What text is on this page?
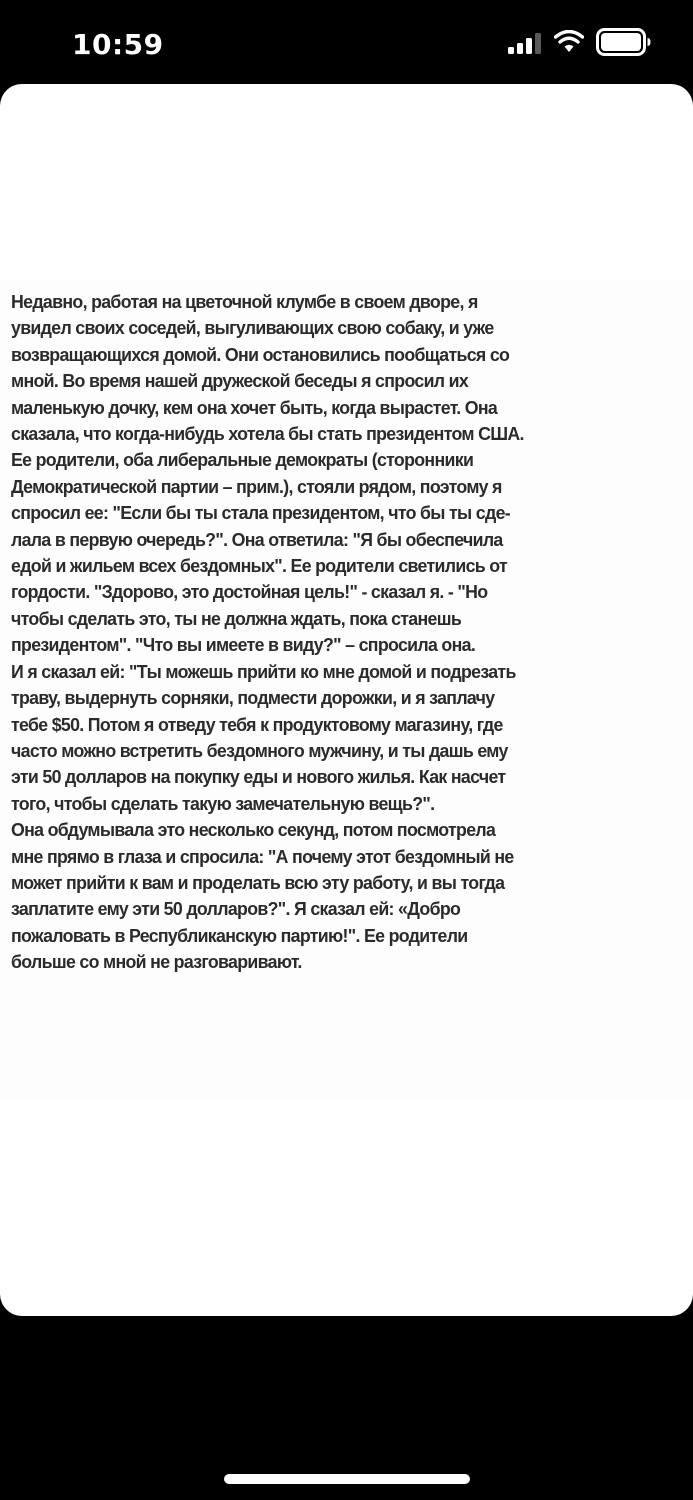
10:59
Недавно, работая на цветочной клумбе в своем дворе, я
увидел своих соседей, выгуливающих свою собаку, и уже
возвращающихся домой. Они остановились пообщаться со
мной. Во время нашей дружеской беседы я спросил их
маленькую дочку, кем она хочет быть, когда вырастет. Она
сказала, что когда-нибудь хотела бы стать президентом США.
Ее родители, оба либеральные демократы (сторонники
Демократической партии – прим.), стояли рядом, поэтому я
спросил ее: "Если бы ты стала президентом, что бы ты сде-
лала в первую очередь?". Она ответила: "Я бы обеспечила
едой и жильем всех бездомных". Ее родители светились от
гордости. "Здорово, это достойная цель!" - сказал я. - "Но
чтобы сделать это, ты не должна ждать, пока станешь
президентом". "Что вы имеете в виду?" – спросила она.
И я сказал ей: "Ты можешь прийти ко мне домой и подрезать
траву, выдернуть сорняки, подмести дорожки, и я заплачу
тебе $50. Потом я отведу тебя к продуктовому магазину, где
часто можно встретить бездомного мужчину, и ты дашь ему
эти 50 долларов на покупку еды и нового жилья. Как насчет
того, чтобы сделать такую замечательную вещь?".
Она обдумывала это несколько секунд, потом посмотрела
мне прямо в глаза и спросила: "А почему этот бездомный не
может прийти к вам и проделать всю эту работу, и вы тогда
заплатите ему эти 50 долларов?". Я сказал ей: «Добро
пожаловать в Республиканскую партию!". Ее родители
больше со мной не разговаривают.
